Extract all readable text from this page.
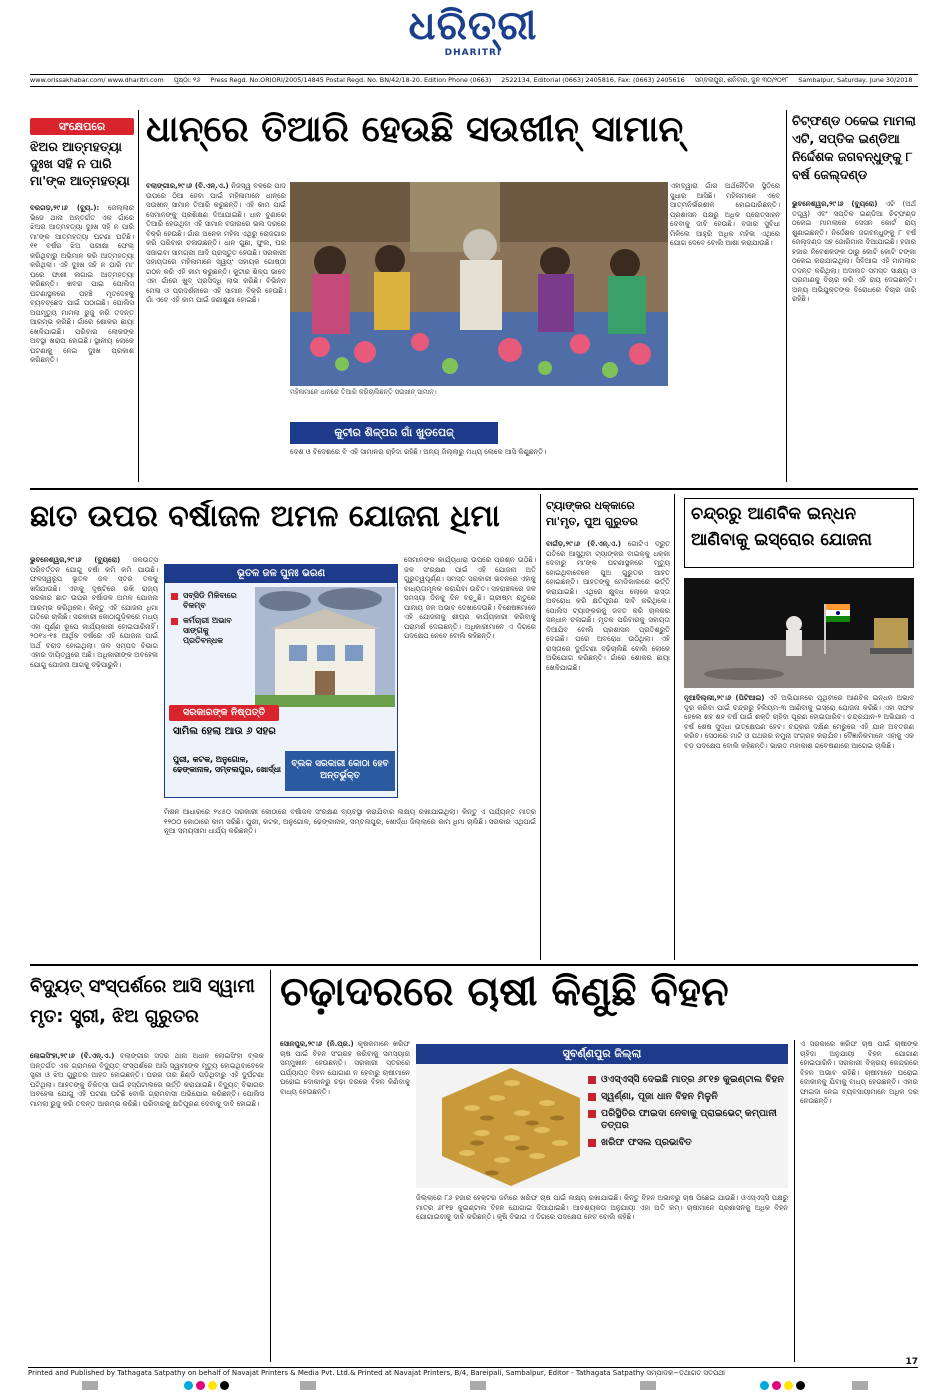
ଧରିତ୍ରୀ
DHARITRI
www.orissakhabar.com/ www.dharitri.com ପୃଷ୍ଠା: ୧୬ Press Regd. No.ORIORI/2005/14845 Postal Regd. No. BN/42/18-20. Edition Phone (0663) 2522134, Editorial (0663) 2405816, Fax: (0663) 2405616 ସମ୍ବଲପୁର, ଶନିବାର, ଜୁନ ୩୦/୨୦୧୮ Sambalpur, Saturday, June 30/2018
ସଂକ୍ଷେପରେ
ଝିଅର ଆତ୍ମହତ୍ୟା ଦୁଃଖ ସହି ନ ପାରି ମା'ଙ୍କ ଆତ୍ମହତ୍ୟା
ବରଗଡ଼,୨୯।୬ (ବ୍ୟୁ.): ଜେଲ୍ଲାର ଭିଜେ ଥାନା ଅନ୍ତର୍ଗତ ଏକ ଗାଁରେ ଝିଅର ଆତ୍ମହତ୍ୟା ଦୁଃଖ ସହି ନ ପାରି ମା'ଙ୍କ ଆତ୍ମହତ୍ୟା ଘଟଣା ଘଟିଛି। ୧୧ ବର୍ଷର ଝିଅ ପରୀକ୍ଷା ଫେଲ୍ କରିଥିବାରୁ ଅଭିମାନ କରି ଆତ୍ମହତ୍ୟା କରିଥିଲା। ଏହି ଦୁଃଖ ସହି ନ ପାରି ମା' ଘରେ ଫାଶୀ ଲଗାଇ ଆତ୍ମହତ୍ୟା କରିଛନ୍ତି। ଖବର ପାଇ ପୋଲିସ ଘଟଣାସ୍ଥଳରେ ପହଞ୍ଚି ମୃତଦେହକୁ ବ୍ୟବଚ୍ଛେଦ ପାଇଁ ପଠାଇଛି। ପୋଲିସ ଅପମୃତ୍ୟୁ ମାମଲା ରୁଜୁ କରି ତଦନ୍ତ ଆରମ୍ଭ କରିଛି। ଗାଁରେ ଶୋକର ଛାୟା ଖେଳିଯାଇଛି। ପରିବାର ଲୋକଙ୍କ ଅବସ୍ଥା ଖରାପ ହୋଇଛି। ସ୍ଥାନୀୟ ଲୋକେ ଘଟଣାକୁ ନେଇ ଦୁଃଖ ପ୍ରକାଶ କରିଛନ୍ତି।
ଧାନ୍‌ରେ ତିଆରି ହେଉଛି ସଉଖୀନ୍ ସାମାନ୍
ବଲାଙ୍ଗୀର,୨୯।୬ (ବି.ଏନ୍.ଏ.) ନିଜସ୍ୱ ବଳରେ ପାଦ ଉପରେ ଠିଆ ହେବା ପାଇଁ ମହିଳାମାନେ ଧାନ୍‌ରେ ସଉଖୀନ୍ ସାମାନ ତିଆରି କରୁଛନ୍ତି। ଏହି କାମ ପାଇଁ ସେମାନଙ୍କୁ ପ୍ରଶିକ୍ଷଣ ଦିଆଯାଇଛି। ଧାନ ବୁଣାରେ ତିଆରି ହେଉଥିବା ଏହି ସାମାନ ବଜାରରେ ଭଲ ଦରରେ ବିକ୍ରି ହେଉଛି। ଗାଁର ଅନେକ ମହିଳା ଏଥିରୁ ରୋଜଗାର କରି ପରିବାର ଚଳାଉଛନ୍ତି। ଧାନ ଗୁଛା, ଫୁଲ, ଘର ସଜାଇବା ସାମଗ୍ରୀ ଆଦି ପ୍ରସ୍ତୁତ ହେଉଛି। ସରକାରୀ ସହାୟତାରେ ମହିଳାମାନେ ସ୍ୱୟଂ ସହାୟକ ଗୋଷ୍ଠୀ ଗଠନ କରି ଏହି କାମ କରୁଛନ୍ତି। କୁଟୀର ଶିଳ୍ପ ଭାବେ ଏହା ଗାଁରେ ଖୁବ୍ ପ୍ରସିଦ୍ଧି ଲାଭ କରିଛି। ବିଭିନ୍ନ ମେଳା ଓ ପ୍ରଦର୍ଶନୀରେ ଏହି ସାମାନ ବିକ୍ରି ହେଉଛି। ଗାଁ ଏବେ ଏହି କାମ ପାଇଁ ଜଣାଶୁଣା ହୋଇଛି।
ମହିଳାମାନେ ଧାନରେ ତିଆରି କରିଚାଲିଛନ୍ତି ସଉଖୀନ୍ ସାମାନ୍।
ଏହାଦ୍ୱାରା ଗାଁର ଅର୍ଥନୈତିକ ସ୍ଥିତିରେ ସୁଧାର ଆସିଛି। ମହିଳାମାନେ ଏବେ ଆତ୍ମନିର୍ଭରଶୀଳ ହୋଇପାରିଛନ୍ତି। ପ୍ରଶାସନ ପକ୍ଷରୁ ଅଧିକ ପ୍ରୋତ୍ସାହନ ଦେବାକୁ ଦାବି ହେଉଛି। ବଜାର ସୁବିଧା ମିଳିଲେ ଆହୁରି ଅଧିକ ମହିଳା ଏଥିରେ ଯୋଗ ଦେବେ ବୋଲି ଆଶା କରାଯାଉଛି।
କୁଟୀର ଶିଳ୍ପର ଗାଁ ଖୁଡପେଜ୍
ଦେଶ ଓ ବିଦେଶରେ ବି ଏହି ସାମାନର ଚାହିଦା ରହିଛି। ଅନ୍ୟ ଜିଲ୍ଲାରୁ ମଧ୍ୟ ଲୋକେ ଆସି କିଣୁଛନ୍ତି।
ଚିଟ୍‌ଫଣ୍ଡ ଠକେଇ ମାମଲା ଏଟି, ସପ୍ତିକ ଇଣ୍ଡିଆ ନିର୍ଦ୍ଦେଶକ ଜଗବନ୍ଧୁଙ୍କୁ ୮ ବର୍ଷ ଜେଲ୍‌ଦଣ୍ଡ
ଭୁବନେଶ୍ୱର,୨୯।୬ (ବ୍ୟୁରୋ) ଏଟି (ଅର୍ଥ ତତ୍ତ୍ୱ) ଏବଂ ସପ୍ତିକ ଇଣ୍ଡିଆ ଚିଟ୍‌ଫଣ୍ଡ ଠକେଇ ମାମଲାରେ ସେସନ କୋର୍ଟ ରାୟ ଶୁଣାଇଛନ୍ତି। ନିର୍ଦ୍ଦେଶକ ଜଗବନ୍ଧୁଙ୍କୁ ୮ ବର୍ଷ ଜେଲ୍‌ଦଣ୍ଡ ସହ ଜୋରିମାନା ଦିଆଯାଇଛି। ହଜାର ହଜାର ନିବେଶକଙ୍କ ଠାରୁ କୋଟି କୋଟି ଟଙ୍କା ଠକେଇ କରାଯାଇଥିଲା। ସିବିଆଇ ଏହି ମାମଲାର ତଦନ୍ତ କରିଥିଲା। ଅଦାଲତ ସମସ୍ତ ସାକ୍ଷ୍ୟ ଓ ପ୍ରମାଣକୁ ବିଚାର କରି ଏହି ରାୟ ଦେଇଛନ୍ତି। ଅନ୍ୟ ଅଭିଯୁକ୍ତଙ୍କ ବିରୋଧରେ ବିଚାର ଜାରି ରହିଛି।
ଛାତ ଉପର ବର୍ଷାଜଳ ଅମଳ ଯୋଜନା ଧିମା
ଭୁବନେଶ୍ୱର,୨୯।୬ (ବ୍ୟୁରୋ) ଜଳଉତ୍ସ ପରିବର୍ତ୍ତନ ଯୋଗୁ ବର୍ଷା କମି କମି ଯାଉଛି। ଫଳସ୍ୱରୂପ ଭୂତଳ ଜଳ ସ୍ତର ତଳକୁ ଖସିଯାଉଛି। ଏହାକୁ ଦୃଷ୍ଟିରେ ରଖି ରାଜ୍ୟ ସରକାର ଛାତ ଉପର ବର୍ଷାଜଳ ଅମଳ ଯୋଜନା ଆରମ୍ଭ କରିଥିଲେ। କିନ୍ତୁ ଏହି ଯୋଜନା ଧିମା ଗତିରେ ଚାଲିଛି। ସରକାରୀ କୋଠାଗୁଡ଼ିକରେ ମଧ୍ୟ ଏହା ପୂର୍ଣ୍ଣ ରୂପେ କାର୍ଯ୍ୟକାରୀ ହୋଇପାରିନାହିଁ। ୨୦୧୪-୧୫ ଆର୍ଥିକ ବର୍ଷରେ ଏହି ଯୋଜନା ପାଇଁ ଅର୍ଥ ବରାଦ ହୋଇଥିଲା। ଜଳ ସମ୍ପଦ ବିଭାଗ ଏହାର ଦାୟିତ୍ୱରେ ଅଛି। ଅଧିକାରୀଙ୍କ ଅବହେଳା ଯୋଗୁ ଯୋଜନା ଆଗକୁ ବଢ଼ିପାରୁନି।
ଭୂତଳ ଜଳ ପୁନଃ ଭରଣ
ସବ୍‌ସିଡି ମିଳିବାରେ ବିଳମ୍ବ
କର୍ମଚାରୀ ଅଭାବ ସାଙ୍ଗକୁ ପ୍ରତିବନ୍ଧକ
ସରକାରଙ୍କ ନିଷ୍ପତ୍ତି
ସାମିଲ ହେଲା ଆଉ ୬ ସହର
ପୁରୀ, କଟକ, ଅନୁଗୋଳ, ଢେଙ୍କାନାଳ, ସମ୍ବଲପୁର, ଖୋର୍ଦ୍ଧା
ବ୍ଲକ ସରକାରୀ କୋଠା ହେବ ଅନ୍ତର୍ଭୁକ୍ତ
ସେମାନଙ୍କ କାର୍ଯ୍ୟଧାରା ଉପରେ ପ୍ରଶ୍ନ ଉଠିଛି। ଜଳ ସଂରକ୍ଷଣ ପାଇଁ ଏହି ଯୋଜନା ଅତି ଗୁରୁତ୍ୱପୂର୍ଣ୍ଣ। ସମସ୍ତ ସରକାରୀ ଭବନରେ ଏହାକୁ ବାଧ୍ୟତାମୂଳକ କରାଯିବା ଉଚିତ। ସହରାଞ୍ଚଳରେ ଜଳ ସମସ୍ୟା ଦିନକୁ ଦିନ ବଢ଼ୁଛି। ଗ୍ରୀଷ୍ମ ଋତୁରେ ପାନୀୟ ଜଳ ଅଭାବ ଦେଖାଦେଉଛି। ବିଶେଷଜ୍ଞମାନେ ଏହି ଯୋଜନାକୁ ଶୀଘ୍ର କାର୍ଯ୍ୟକାରୀ କରିବାକୁ ପରାମର୍ଶ ଦେଇଛନ୍ତି। ଅଧିକାରୀମାନେ ଏ ଦିଗରେ ପଦକ୍ଷେପ ନେବେ ବୋଲି କହିଛନ୍ତି।
ମିଶନ ଆଧାରରେ ୨୪୫୦ ସରକାରୀ କୋଠାରେ ବର୍ଷାଜଳ ସଂରକ୍ଷଣ ବ୍ୟବସ୍ଥା କରାଯିବାର ଲକ୍ଷ୍ୟ ରଖାଯାଇଥିଲା। କିନ୍ତୁ ଏ ପର୍ଯ୍ୟନ୍ତ ମାତ୍ର ୧୨୦୦ କୋଠାରେ କାମ ସରିଛି। ପୁରୀ, କଟକ, ଅନୁଗୋଳ, ଢେଙ୍କାନାଳ, ସମ୍ବଲପୁର, ଖୋର୍ଦ୍ଧା ଜିଲ୍ଲାରେ କାମ ଧିମା ଚାଲିଛି। ସରକାର ଏଥିପାଇଁ ନୂଆ ସମୟସୀମା ଧାର୍ଯ୍ୟ କରିଛନ୍ତି।
ଟ୍ୟାଙ୍କର ଧକ୍କାରେ ମା'ମୃତ, ପୁଅ ଗୁରୁତର
ବାର୍ଗଡ଼,୨୯।୬ (ବି.ଏନ୍.ଏ.) ଗୋଟିଏ ଦ୍ରୁତ ଗତିରେ ଆସୁଥିବା ଟ୍ୟାଙ୍କର ବାଇକ୍‌କୁ ଧକ୍କା ଦେବାରୁ ମା'ଙ୍କ ଘଟଣାସ୍ଥଳରେ ମୃତ୍ୟୁ ହୋଇଥିବାବେଳେ ପୁଅ ଗୁରୁତର ଆହତ ହୋଇଛନ୍ତି। ଆହତଙ୍କୁ ମେଡିକାଲରେ ଭର୍ତ୍ତି କରାଯାଇଛି। ଏଥିରେ କ୍ଷୁବ୍ଧ ଲୋକେ ରାସ୍ତା ଅବରୋଧ କରି କ୍ଷତିପୂରଣ ଦାବି କରିଥିଲେ। ପୋଲିସ ଟ୍ୟାଙ୍କରକୁ ଜବତ କରି ଚାଳକର ସନ୍ଧାନ ଚଳାଇଛି। ମୃତକ ପରିବାରକୁ ସହାୟତା ଦିଆଯିବ ବୋଲି ପ୍ରଶାସନ ପ୍ରତିଶ୍ରୁତି ଦେଇଛି। ପରେ ଅବରୋଧ ଉଠିଥିଲା। ଏହି ରାସ୍ତାରେ ଦୁର୍ଘଟଣା ବଢ଼ିଚାଲିଛି ବୋଲି ଲୋକେ ଅଭିଯୋଗ କରିଛନ୍ତି। ଗାଁରେ ଶୋକର ଛାୟା ଖେଳିଯାଇଛି।
ଚନ୍ଦ୍ରରୁ ଆଣବିକ ଇନ୍ଧନ ଆଣିବାକୁ ଇସ୍ରୋର ଯୋଜନା
ନୂଆଦିଲ୍ଲୀ,୨୯।୬ (ପିଟିଆଇ) ଏହି ଅଭିଯାନରେ ପୃଥିବୀରେ ଆଣବିକ ଇନ୍ଧନ ଅଭାବ ଦୂର କରିବା ପାଇଁ ଚନ୍ଦ୍ରରୁ ହିଲିୟମ-୩ ଆଣିବାକୁ ଇସ୍ରୋ ଯୋଜନା କରିଛି। ଏହା ସଫଳ ହେଲେ ଶହ ଶହ ବର୍ଷ ପାଇଁ ଶକ୍ତି ଚାହିଦା ପୂରଣ ହୋଇପାରିବ। ଚନ୍ଦ୍ରଯାନ-୨ ଅଭିଯାନ ଏ ବର୍ଷ ଶେଷ ସୁଦ୍ଧା ଉତ୍କ୍ଷେପଣ ହେବ। ଚନ୍ଦ୍ରର ଦକ୍ଷିଣ ମେରୁରେ ଏହି ଯାନ ଅବତରଣ କରିବ। ସେଠାରେ ମାଟି ଓ ପଥରର ନମୁନା ସଂଗ୍ରହ କରାଯିବ। ବୈଜ୍ଞାନିକମାନେ ଏହାକୁ ଏକ ବଡ଼ ପଦକ୍ଷେପ ବୋଲି କହିଛନ୍ତି। ଭାରତ ମହାକାଶ ଗବେଷଣାରେ ଆଗେଇ ଚାଲିଛି।
ବିଦ୍ୟୁତ୍ ସଂସ୍ପର୍ଶରେ ଆସି ସ୍ୱାମୀ ମୃତ: ସ୍ତ୍ରୀ, ଝିଅ ଗୁରୁତର
ଲୋଇସିଂହା,୨୯।୬ (ବି.ଏନ୍.ଏ.) ବଲାଙ୍ଗୀର ସଦର ଥାନା ଅଧୀନ ଲୋଇସିଂହା ବ୍ଲକ ଅନ୍ତର୍ଗତ ଏକ ଗ୍ରାମରେ ବିଦ୍ୟୁତ୍ ସଂସ୍ପର୍ଶରେ ଆସି ସ୍ୱାମୀଙ୍କ ମୃତ୍ୟୁ ହୋଇଥିବାବେଳେ ସ୍ତ୍ରୀ ଓ ଝିଅ ଗୁରୁତର ଆହତ ହୋଇଛନ୍ତି। ଘରର ତାର ଛିଣ୍ଡି ପଡ଼ିଥିବାରୁ ଏହି ଦୁର୍ଘଟଣା ଘଟିଥିଲା। ଆହତଙ୍କୁ ଚିକିତ୍ସା ପାଇଁ ହସ୍ପିଟାଲରେ ଭର୍ତ୍ତି କରାଯାଇଛି। ବିଦ୍ୟୁତ୍ ବିଭାଗର ଅବହେଳା ଯୋଗୁ ଏହି ଘଟଣା ଘଟିଛି ବୋଲି ଗ୍ରାମବାସୀ ଅଭିଯୋଗ କରିଛନ୍ତି। ପୋଲିସ ମାମଲା ରୁଜୁ କରି ତଦନ୍ତ ଆରମ୍ଭ କରିଛି। ପରିବାରକୁ କ୍ଷତିପୂରଣ ଦେବାକୁ ଦାବି ହୋଇଛି।
ଚଢ଼ାଦରରେ ଚାଷୀ କିଣୁଛି ବିହନ
ସୋନପୁର,୨୯।୬ (ନି.ପ୍ର.) କୃଷକମାନେ ଖରିଫ ଚାଷ ପାଇଁ ବିହନ ସଂଗ୍ରହ କରିବାକୁ ସମସ୍ୟାର ସମ୍ମୁଖୀନ ହେଉଛନ୍ତି। ସରକାରୀ ସ୍ତରରେ ପର୍ଯ୍ୟାପ୍ତ ବିହନ ଯୋଗାଣ ନ ହେବାରୁ ଚାଷୀମାନେ ଘରୋଇ ଦୋକାନରୁ ଚଢ଼ା ଦରରେ ବିହନ କିଣିବାକୁ ବାଧ୍ୟ ହେଉଛନ୍ତି।
ସୁବର୍ଣ୍ଣପୁର ଜିଲ୍ଲା
ଓଏସ୍‌ଏସ୍‌ସି ଦେଇଛି ମାତ୍ର ୬୮୧୭ କୁଇଣ୍ଟାଲ ବିହନ
ସ୍ୱର୍ଣ୍ଣା, ପୂଜା ଧାନ ବିହନ ମିଳୁନି
ପରିସ୍ଥିତିର ଫାଇଦା ନେବାକୁ ପ୍ରାଇଭେଟ୍ କମ୍ପାନୀ ତତ୍ପର
ଖରିଫ ଫସଲ ପ୍ରଭାବିତ
ଜିଲ୍ଲାରେ ୮୬ ହଜାର ହେକ୍ଟର ଜମିରେ ଖରିଫ ଚାଷ ପାଇଁ ଲକ୍ଷ୍ୟ ରଖାଯାଇଛି। କିନ୍ତୁ ବିହନ ଅଭାବରୁ ଚାଷ ପିଛେଇ ଯାଉଛି। ଓଏସ୍‌ଏସ୍‌ସି ପକ୍ଷରୁ ମାତ୍ର ୬୮୧୭ କୁଇଣ୍ଟାଲ ବିହନ ଯୋଗାଇ ଦିଆଯାଇଛି। ଆବଶ୍ୟକତା ଅନୁଯାୟୀ ଏହା ଅତି କମ୍। ଚାଷୀମାନେ ପ୍ରଶାସନକୁ ଅଧିକ ବିହନ ଯୋଗାଇବାକୁ ଦାବି କରିଛନ୍ତି। କୃଷି ବିଭାଗ ଏ ଦିଗରେ ପଦକ୍ଷେପ ନେବ ବୋଲି କହିଛି।
ଏ ସରକାରେ ଖରିଫ ଚାଷ ପାଇଁ ଚାଷୀଙ୍କ ଚାହିଦା ଅନୁଯାୟୀ ବିହନ ଯୋଗାଣ ହୋଇପାରିନି। ସରକାରୀ ବିକ୍ରୟ କେନ୍ଦ୍ରରେ ବିହନ ଅଭାବ ରହିଛି। ଚାଷୀମାନେ ଘରୋଇ ଦୋକାନକୁ ଯିବାକୁ ବାଧ୍ୟ ହେଉଛନ୍ତି। ଏହାର ଫାଇଦା ନେଇ ବ୍ୟବସାୟୀମାନେ ଅଧିକ ଦର ନେଉଛନ୍ତି।
Printed and Published by Tathagata Satpathy on behalf of Navajat Printers & Media Pvt. Ltd.& Printed at Navajat Printers, B/4, Bareipali, Sambalpur, Editor - Tathagata Satpathy ସମ୍ପାଦକ−ତଥାଗତ ସତପଥୀ
17
